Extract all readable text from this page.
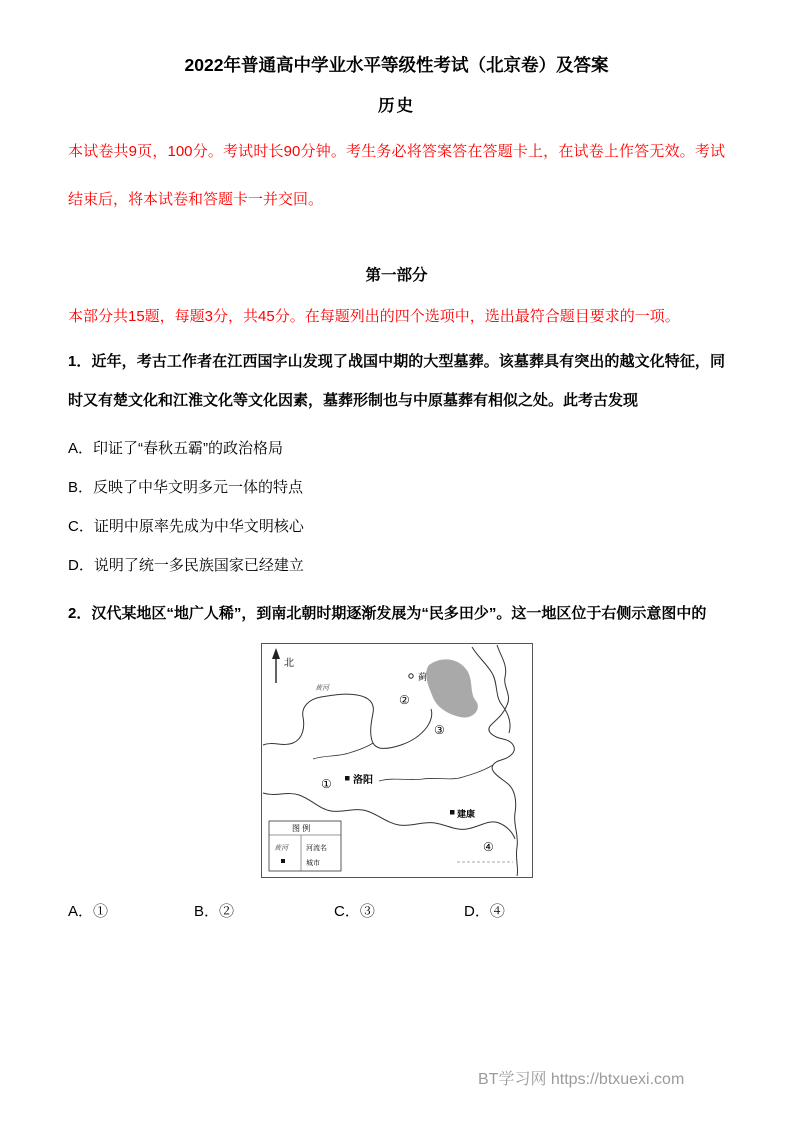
2022年普通高中学业水平等级性考试（北京卷）及答案
历史

本试卷共9页，100分。考试时长90分钟。考生务必将答案答在答题卡上，在试卷上作答无效。考试结束后，将本试卷和答题卡一并交回。

第一部分

本部分共15题，每题3分，共45分。在每题列出的四个选项中，选出最符合题目要求的一项。

1．近年，考古工作者在江西国字山发现了战国中期的大型墓葬。该墓葬具有突出的越文化特征，同时又有楚文化和江淮文化等文化因素，墓葬形制也与中原墓葬有相似之处。此考古发现

A．印证了“春秋五霸”的政治格局

B．反映了中华文明多元一体的特点

C．证明中原率先成为中华文明核心

D．说明了统一多民族国家已经建立

2．汉代某地区“地广人稀”，到南北朝时期逐渐发展为“民多田少”。这一地区位于右侧示意图中的

北
黄河
蓟
②
③
① 洛阳
建康
④
图 例
黄河	河流名
城市
A．①	B．②	C．③	D．④
BT学习网 https://btxuexi.com
